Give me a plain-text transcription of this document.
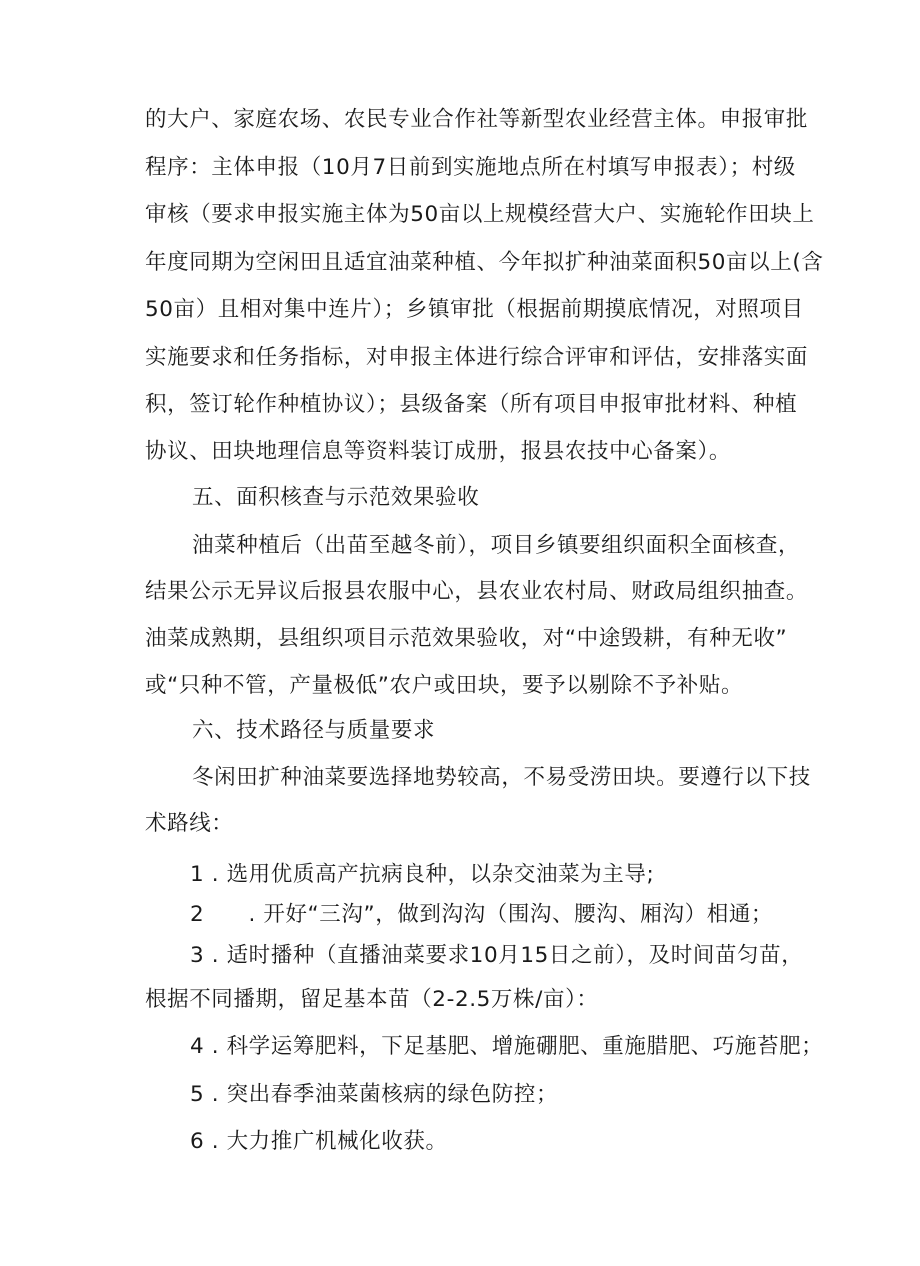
的大户、家庭农场、农民专业合作社等新型农业经营主体。申报审批
程序：主体申报（10月7日前到实施地点所在村填写申报表）；村级
审核（要求申报实施主体为50亩以上规模经营大户、实施轮作田块上
年度同期为空闲田且适宜油菜种植、今年拟扩种油菜面积50亩以上(含
50亩）且相对集中连片）；乡镇审批（根据前期摸底情况，对照项目
实施要求和任务指标，对申报主体进行综合评审和评估，安排落实面
积，签订轮作种植协议）；县级备案（所有项目申报审批材料、种植
协议、田块地理信息等资料装订成册，报县农技中心备案）。
五、面积核查与示范效果验收
油菜种植后（出苗至越冬前），项目乡镇要组织面积全面核查，
结果公示无异议后报县农服中心，县农业农村局、财政局组织抽查。
油菜成熟期，县组织项目示范效果验收，对“中途毁耕，有种无收”
或“只种不管，产量极低”农户或田块，要予以剔除不予补贴。
六、技术路径与质量要求
冬闲田扩种油菜要选择地势较高，不易受涝田块。要遵行以下技
术路线：
1 . 选用优质高产抗病良种，以杂交油菜为主导;
2　　. 开好“三沟”，做到沟沟（围沟、腰沟、厢沟）相通；
3 . 适时播种（直播油菜要求10月15日之前），及时间苗匀苗，
根据不同播期，留足基本苗（2-2.5万株/亩）：
4 . 科学运筹肥料，下足基肥、增施硼肥、重施腊肥、巧施苔肥；
5 . 突出春季油菜菌核病的绿色防控；
6 . 大力推广机械化收获。
